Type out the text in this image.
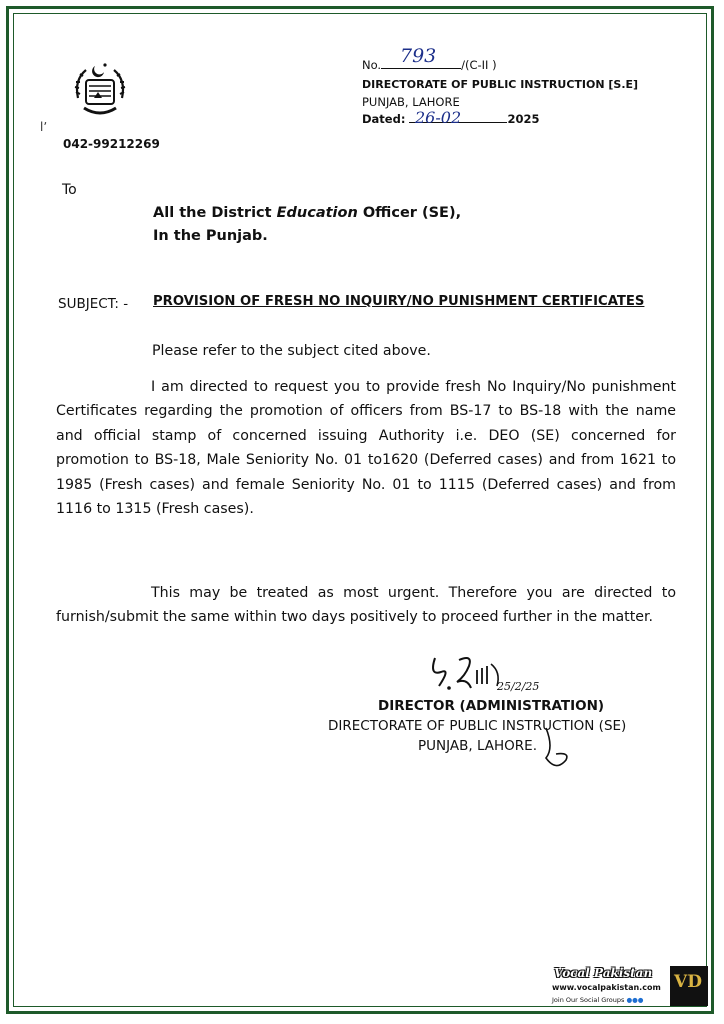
042-99212269
lʼ
No.	/(C-II )
793
DIRECTORATE OF PUBLIC INSTRUCTION [S.E]
PUNJAB, LAHORE
Dated:	2025
26-02
To
All the District Education Officer (SE),
In the Punjab.
SUBJECT: - PROVISION OF FRESH NO INQUIRY/NO PUNISHMENT CERTIFICATES
Please refer to the subject cited above.
I am directed to request you to provide fresh No Inquiry/No punishment Certificates regarding the promotion of officers from BS-17 to BS-18 with the name and official stamp of concerned issuing Authority i.e. DEO (SE) concerned for promotion to BS-18, Male Seniority No. 01 to1620 (Deferred cases) and from 1621 to 1985 (Fresh cases) and female Seniority No. 01 to 1115 (Deferred cases) and from 1116 to 1315 (Fresh cases).
This may be treated as most urgent. Therefore you are directed to furnish/submit the same within two days positively to proceed further in the matter.
25/2/25
DIRECTOR (ADMINISTRATION)
DIRECTORATE OF PUBLIC INSTRUCTION (SE)
PUNJAB, LAHORE.
Vocal Pakistan
www.vocalpakistan.com
Join Our Social Groups ●●●
VD
